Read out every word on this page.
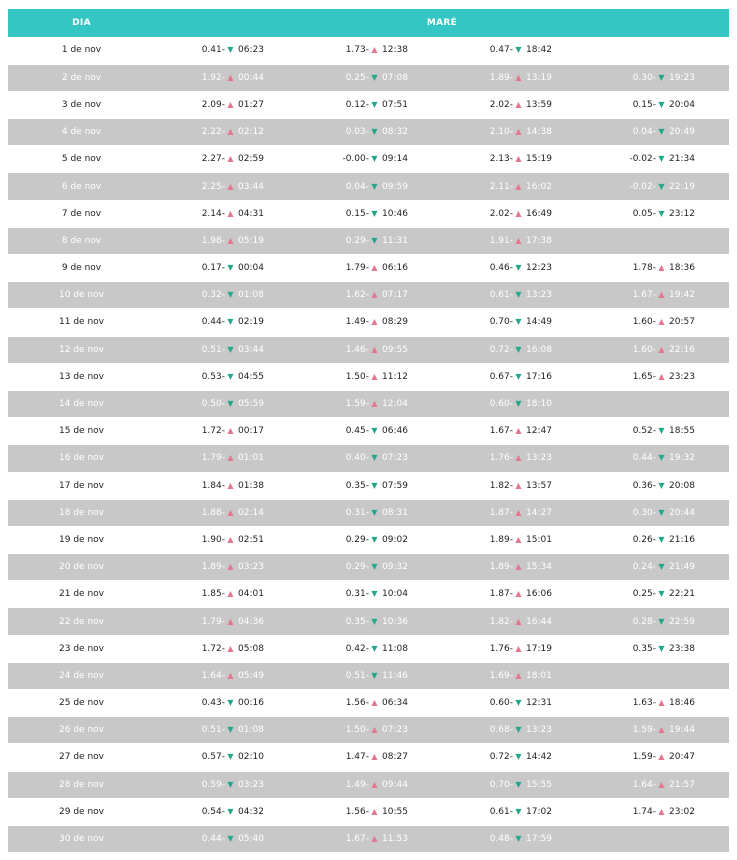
DIA	MARÉ			
1 de nov	0.41- ▼ 06:23	1.73- ▲ 12:38	0.47- ▼ 18:42	
2 de nov	1.92- ▲ 00:44	0.25- ▼ 07:08	1.89- ▲ 13:19	0.30- ▼ 19:23
3 de nov	2.09- ▲ 01:27	0.12- ▼ 07:51	2.02- ▲ 13:59	0.15- ▼ 20:04
4 de nov	2.22- ▲ 02:12	0.03- ▼ 08:32	2.10- ▲ 14:38	0.04- ▼ 20:49
5 de nov	2.27- ▲ 02:59	-0.00- ▼ 09:14	2.13- ▲ 15:19	-0.02- ▼ 21:34
6 de nov	2.25- ▲ 03:44	0.04- ▼ 09:59	2.11- ▲ 16:02	-0.02- ▼ 22:19
7 de nov	2.14- ▲ 04:31	0.15- ▼ 10:46	2.02- ▲ 16:49	0.05- ▼ 23:12
8 de nov	1.98- ▲ 05:19	0.29- ▼ 11:31	1.91- ▲ 17:38	
9 de nov	0.17- ▼ 00:04	1.79- ▲ 06:16	0.46- ▼ 12:23	1.78- ▲ 18:36
10 de nov	0.32- ▼ 01:08	1.62- ▲ 07:17	0.61- ▼ 13:23	1.67- ▲ 19:42
11 de nov	0.44- ▼ 02:19	1.49- ▲ 08:29	0.70- ▼ 14:49	1.60- ▲ 20:57
12 de nov	0.51- ▼ 03:44	1.46- ▲ 09:55	0.72- ▼ 16:08	1.60- ▲ 22:16
13 de nov	0.53- ▼ 04:55	1.50- ▲ 11:12	0.67- ▼ 17:16	1.65- ▲ 23:23
14 de nov	0.50- ▼ 05:59	1.59- ▲ 12:04	0.60- ▼ 18:10	
15 de nov	1.72- ▲ 00:17	0.45- ▼ 06:46	1.67- ▲ 12:47	0.52- ▼ 18:55
16 de nov	1.79- ▲ 01:01	0.40- ▼ 07:23	1.76- ▲ 13:23	0.44- ▼ 19:32
17 de nov	1.84- ▲ 01:38	0.35- ▼ 07:59	1.82- ▲ 13:57	0.36- ▼ 20:08
18 de nov	1.88- ▲ 02:14	0.31- ▼ 08:31	1.87- ▲ 14:27	0.30- ▼ 20:44
19 de nov	1.90- ▲ 02:51	0.29- ▼ 09:02	1.89- ▲ 15:01	0.26- ▼ 21:16
20 de nov	1.89- ▲ 03:23	0.29- ▼ 09:32	1.89- ▲ 15:34	0.24- ▼ 21:49
21 de nov	1.85- ▲ 04:01	0.31- ▼ 10:04	1.87- ▲ 16:06	0.25- ▼ 22:21
22 de nov	1.79- ▲ 04:36	0.35- ▼ 10:36	1.82- ▲ 16:44	0.28- ▼ 22:59
23 de nov	1.72- ▲ 05:08	0.42- ▼ 11:08	1.76- ▲ 17:19	0.35- ▼ 23:38
24 de nov	1.64- ▲ 05:49	0.51- ▼ 11:46	1.69- ▲ 18:01	
25 de nov	0.43- ▼ 00:16	1.56- ▲ 06:34	0.60- ▼ 12:31	1.63- ▲ 18:46
26 de nov	0.51- ▼ 01:08	1.50- ▲ 07:23	0.68- ▼ 13:23	1.59- ▲ 19:44
27 de nov	0.57- ▼ 02:10	1.47- ▲ 08:27	0.72- ▼ 14:42	1.59- ▲ 20:47
28 de nov	0.59- ▼ 03:23	1.49- ▲ 09:44	0.70- ▼ 15:55	1.64- ▲ 21:57
29 de nov	0.54- ▼ 04:32	1.56- ▲ 10:55	0.61- ▼ 17:02	1.74- ▲ 23:02
30 de nov	0.44- ▼ 05:40	1.67- ▲ 11:53	0.48- ▼ 17:59	
